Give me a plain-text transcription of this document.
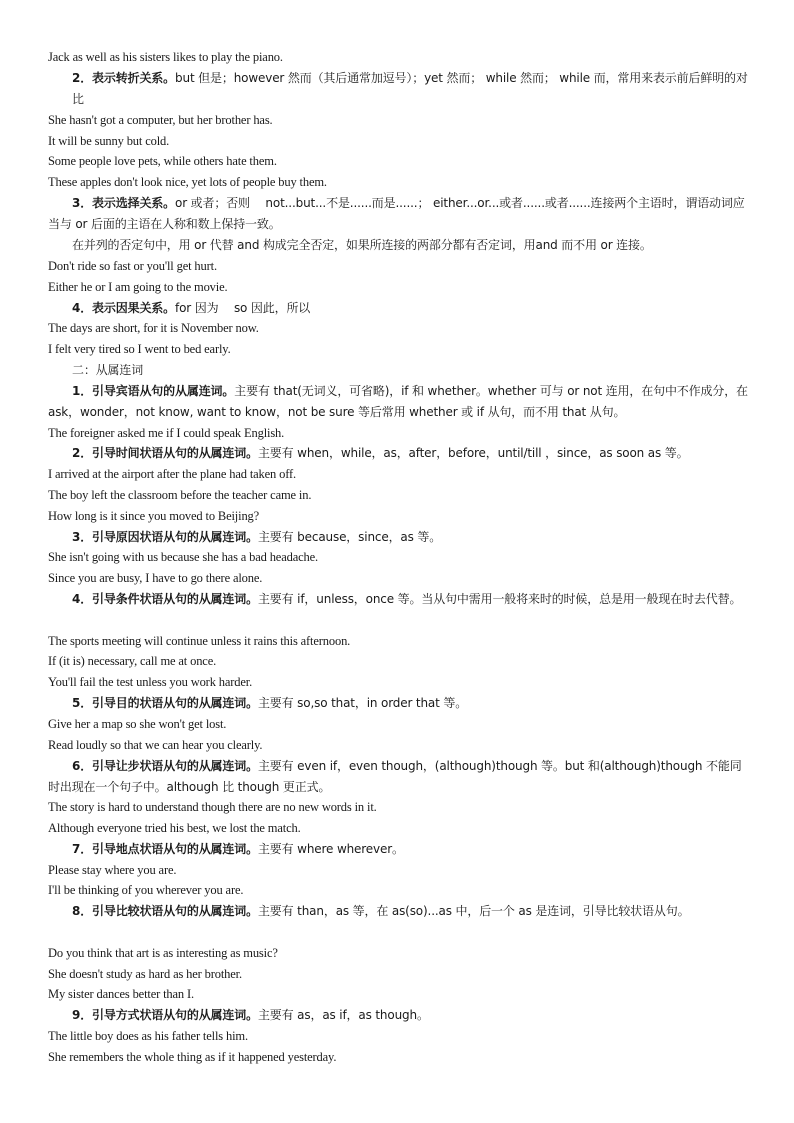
Jack as well as his sisters likes to play the piano.
2．表示转折关系。but 但是；however 然而（其后通常加逗号）；yet 然而； while 然而； while 而，常用来表示前后鲜明的对比
She hasn't got a computer, but her brother has.
It will be sunny but cold.
Some people love pets, while others hate them.
These apples don't look nice, yet lots of people buy them.
3．表示选择关系。or 或者；否则 　not...but...不是......而是......； either...or...或者......或者......连接两个主语时，谓语动词应当与 or 后面的主语在人称和数上保持一致。
在并列的否定句中，用 or 代替 and 构成完全否定，如果所连接的两部分都有否定词，用and 而不用 or 连接。
Don't ride so fast or you'll get hurt.
Either he or I am going to the movie.
4．表示因果关系。for 因为 　so 因此，所以
The days are short, for it is November now.
I felt very tired so I went to bed early.
二：从属连词
1．引导宾语从句的从属连词。主要有 that(无词义，可省略)，if 和 whether。whether 可与 or not 连用，在句中不作成分，在 ask，wonder，not know, want to know，not be sure 等后常用 whether 或 if 从句，而不用 that 从句。
The foreigner asked me if I could speak English.
2．引导时间状语从句的从属连词。主要有 when，while，as，after，before，until/till ，since，as soon as 等。
I arrived at the airport after the plane had taken off.
The boy left the classroom before the teacher came in.
How long is it since you moved to Beijing?
3．引导原因状语从句的从属连词。主要有 because，since，as 等。
She isn't going with us because she has a bad headache.
Since you are busy, I have to go there alone.
4．引导条件状语从句的从属连词。主要有 if，unless，once 等。当从句中需用一般将来时的时候，总是用一般现在时去代替。
The sports meeting will continue unless it rains this afternoon.
If (it is) necessary, call me at once.
You'll fail the test unless you work harder.
5．引导目的状语从句的从属连词。主要有 so,so that，in order that 等。
Give her a map so she won't get lost.
Read loudly so that we can hear you clearly.
6．引导让步状语从句的从属连词。主要有 even if，even though，(although)though 等。but 和(although)though 不能同时出现在一个句子中。although 比 though 更正式。
The story is hard to understand though there are no new words in it.
Although everyone tried his best, we lost the match.
7．引导地点状语从句的从属连词。主要有 where wherever。
Please stay where you are.
I'll be thinking of you wherever you are.
8．引导比较状语从句的从属连词。主要有 than，as 等，在 as(so)...as 中，后一个 as 是连词，引导比较状语从句。
Do you think that art is as interesting as music?
She doesn't study as hard as her brother.
My sister dances better than I.
9．引导方式状语从句的从属连词。主要有 as，as if，as though。
The little boy does as his father tells him.
She remembers the whole thing as if it happened yesterday.
